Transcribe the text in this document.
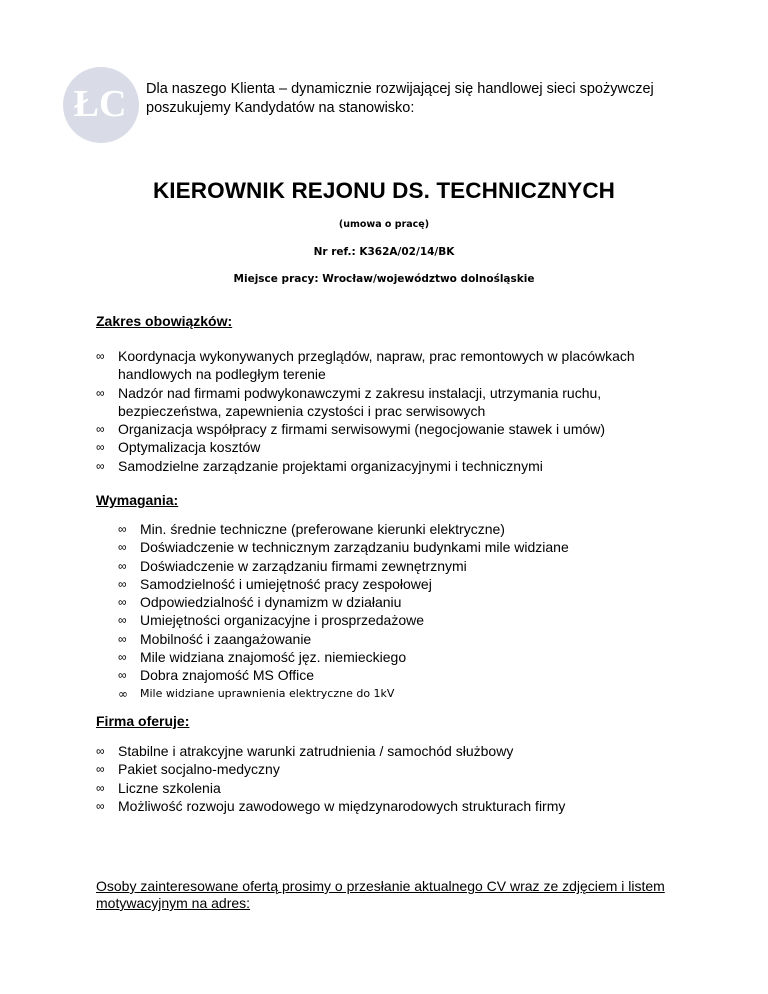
ŁC Dla naszego Klienta – dynamicznie rozwijającej się handlowej sieci spożywczej poszukujemy Kandydatów na stanowisko:

KIEROWNIK REJONU DS. TECHNICZNYCH

(umowa o pracę)

Nr ref.: K362A/02/14/BK

Miejsce pracy: Wrocław/województwo dolnośląskie

Zakres obowiązków:

∞ Koordynacja wykonywanych przeglądów, napraw, prac remontowych w placówkach handlowych na podległym terenie
∞ Nadzór nad firmami podwykonawczymi z zakresu instalacji, utrzymania ruchu, bezpieczeństwa, zapewnienia czystości i prac serwisowych
∞ Organizacja współpracy z firmami serwisowymi (negocjowanie stawek i umów)
∞ Optymalizacja kosztów
∞ Samodzielne zarządzanie projektami organizacyjnymi i technicznymi

Wymagania:

∞ Min. średnie techniczne (preferowane kierunki elektryczne)
∞ Doświadczenie w technicznym zarządzaniu budynkami mile widziane
∞ Doświadczenie w zarządzaniu firmami zewnętrznymi
∞ Samodzielność i umiejętność pracy zespołowej
∞ Odpowiedzialność i dynamizm w działaniu
∞ Umiejętności organizacyjne i prosprzedażowe
∞ Mobilność i zaangażowanie
∞ Mile widziana znajomość jęz. niemieckiego
∞ Dobra znajomość MS Office
∞ Mile widziane uprawnienia elektryczne do 1kV

Firma oferuje:

∞ Stabilne i atrakcyjne warunki zatrudnienia / samochód służbowy
∞ Pakiet socjalno-medyczny
∞ Liczne szkolenia
∞ Możliwość rozwoju zawodowego w międzynarodowych strukturach firmy

Osoby zainteresowane ofertą prosimy o przesłanie aktualnego CV wraz ze zdjęciem i listem motywacyjnym na adres:
